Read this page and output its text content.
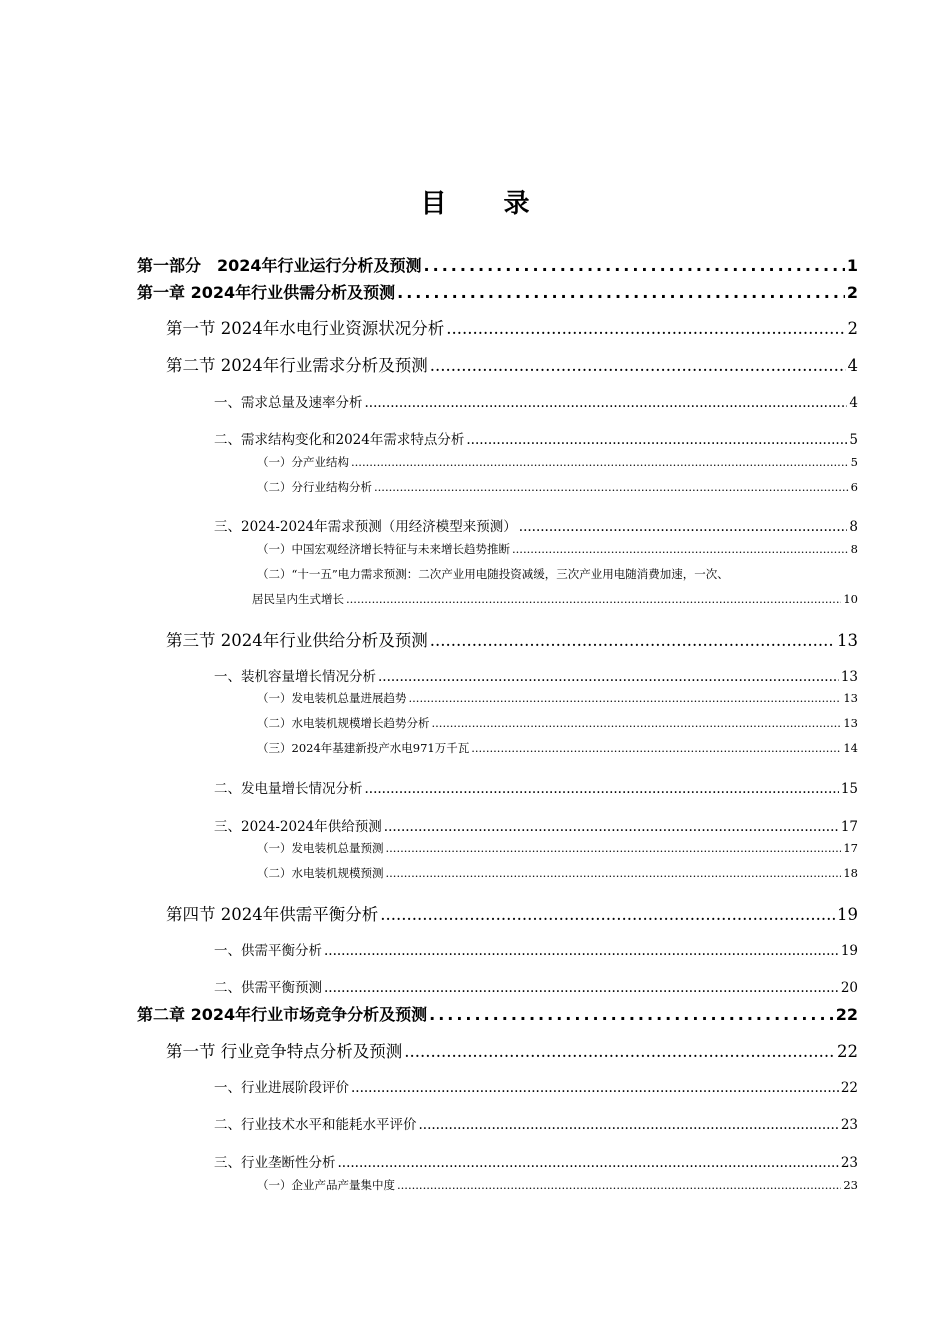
目 录
第一部分　2024年行业运行分析及预测 .....	1
第一章 2024年行业供需分析及预测 .....	2
第一节 2024年水电行业资源状况分析 .....	2
第二节 2024年行业需求分析及预测 .....	4
一、需求总量及速率分析 .....	4
二、需求结构变化和2024年需求特点分析 .....	5
（一）分产业结构 .....	5
（二）分行业结构分析 .....	6
三、2024-2024年需求预测（用经济模型来预测） .....	8
（一）中国宏观经济增长特征与未来增长趋势推断 .....	8
（二）“十一五”电力需求预测：二次产业用电随投资减缓，三次产业用电随消费加速，一次、
居民呈内生式增长 .....	10
第三节 2024年行业供给分析及预测 .....	13
一、装机容量增长情况分析 .....	13
（一）发电装机总量进展趋势 .....	13
（二）水电装机规模增长趋势分析 .....	13
（三）2024年基建新投产水电971万千瓦 .....	14
二、发电量增长情况分析 .....	15
三、2024-2024年供给预测 .....	17
（一）发电装机总量预测 .....	17
（二）水电装机规模预测 .....	18
第四节 2024年供需平衡分析 .....	19
一、供需平衡分析 .....	19
二、供需平衡预测 .....	20
第二章 2024年行业市场竞争分析及预测 .....	22
第一节 行业竞争特点分析及预测 .....	22
一、行业进展阶段评价 .....	22
二、行业技术水平和能耗水平评价 .....	23
三、行业垄断性分析 .....	23
（一）企业产品产量集中度 .....	23
